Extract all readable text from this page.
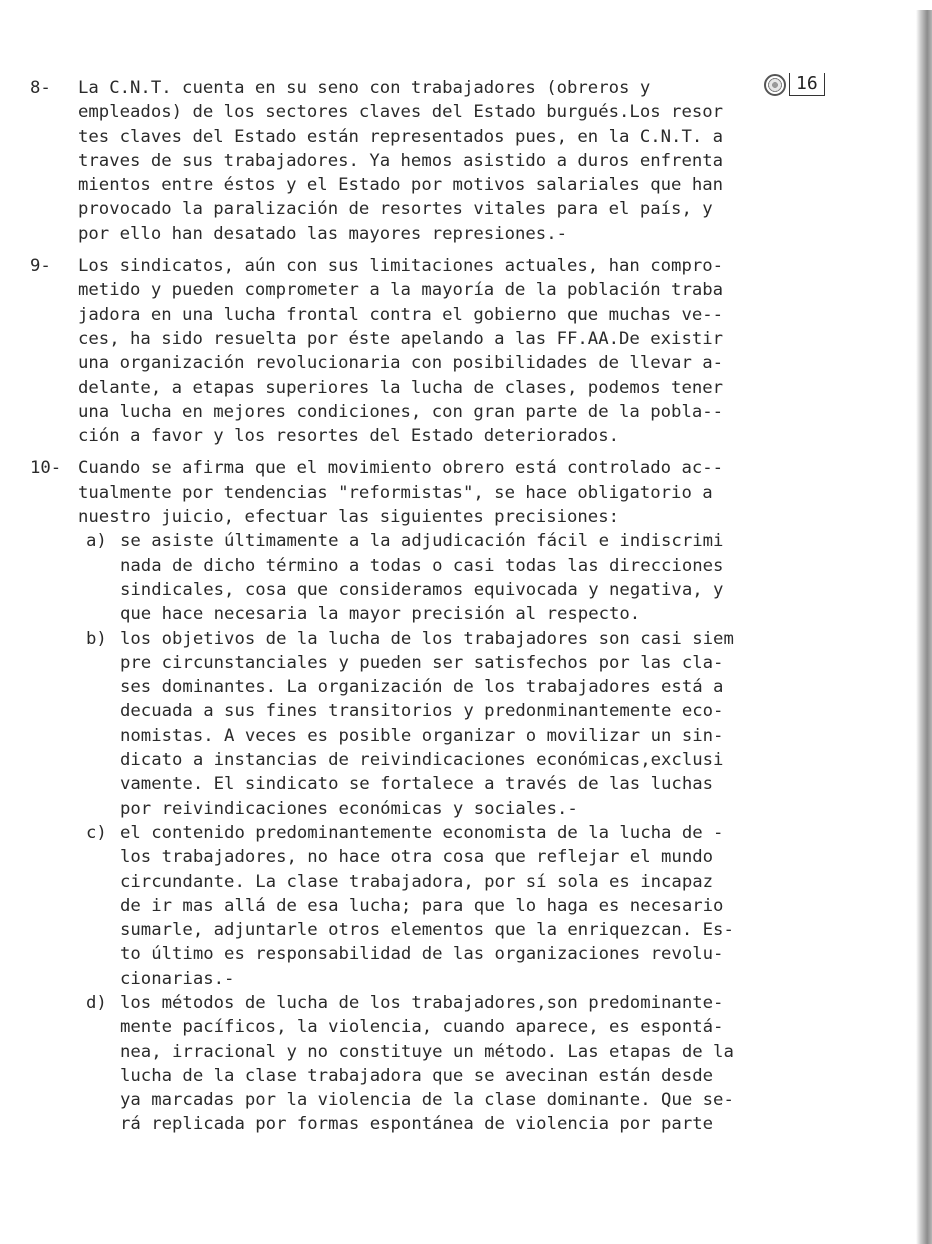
16
8-	La C.N.T. cuenta en su seno con trabajadores (obreros y
empleados) de los sectores claves del Estado burgués.Los resor
tes claves del Estado están representados pues, en la C.N.T. a
traves de sus trabajadores. Ya hemos asistido a duros enfrenta
mientos entre éstos y el Estado por motivos salariales que han
provocado la paralización de resortes vitales para el país, y
por ello han desatado las mayores represiones.-
9-	Los sindicatos, aún con sus limitaciones actuales, han compro-
metido y pueden comprometer a la mayoría de la población traba
jadora en una lucha frontal contra el gobierno que muchas ve--
ces, ha sido resuelta por éste apelando a las FF.AA.De existir
una organización revolucionaria con posibilidades de llevar a-
delante, a etapas superiores la lucha de clases, podemos tener
una lucha en mejores condiciones, con gran parte de la pobla--
ción a favor y los resortes del Estado deteriorados.
10- Cuando se afirma que el movimiento obrero está controlado ac--
tualmente por tendencias "reformistas", se hace obligatorio a
nuestro juicio, efectuar las siguientes precisiones:
a) se asiste últimamente a la adjudicación fácil e indiscrimi
nada de dicho término a todas o casi todas las direcciones
sindicales, cosa que consideramos equivocada y negativa, y
que hace necesaria la mayor precisión al respecto.
b) los objetivos de la lucha de los trabajadores son casi siem
pre circunstanciales y pueden ser satisfechos por las cla-
ses dominantes. La organización de los trabajadores está a
decuada a sus fines transitorios y predonminantemente eco-
nomistas. A veces es posible organizar o movilizar un sin-
dicato a instancias de reivindicaciones económicas,exclusi
vamente. El sindicato se fortalece a través de las luchas
por reivindicaciones económicas y sociales.-
c) el contenido predominantemente economista de la lucha de -
los trabajadores, no hace otra cosa que reflejar el mundo
circundante. La clase trabajadora, por sí sola es incapaz
de ir mas allá de esa lucha; para que lo haga es necesario
sumarle, adjuntarle otros elementos que la enriquezcan. Es-
to último es responsabilidad de las organizaciones revolu-
cionarias.-
d) los métodos de lucha de los trabajadores,son predominante-
mente pacíficos, la violencia, cuando aparece, es espontá-
nea, irracional y no constituye un método. Las etapas de la
lucha de la clase trabajadora que se avecinan están desde
ya marcadas por la violencia de la clase dominante. Que se-
rá replicada por formas espontánea de violencia por parte
